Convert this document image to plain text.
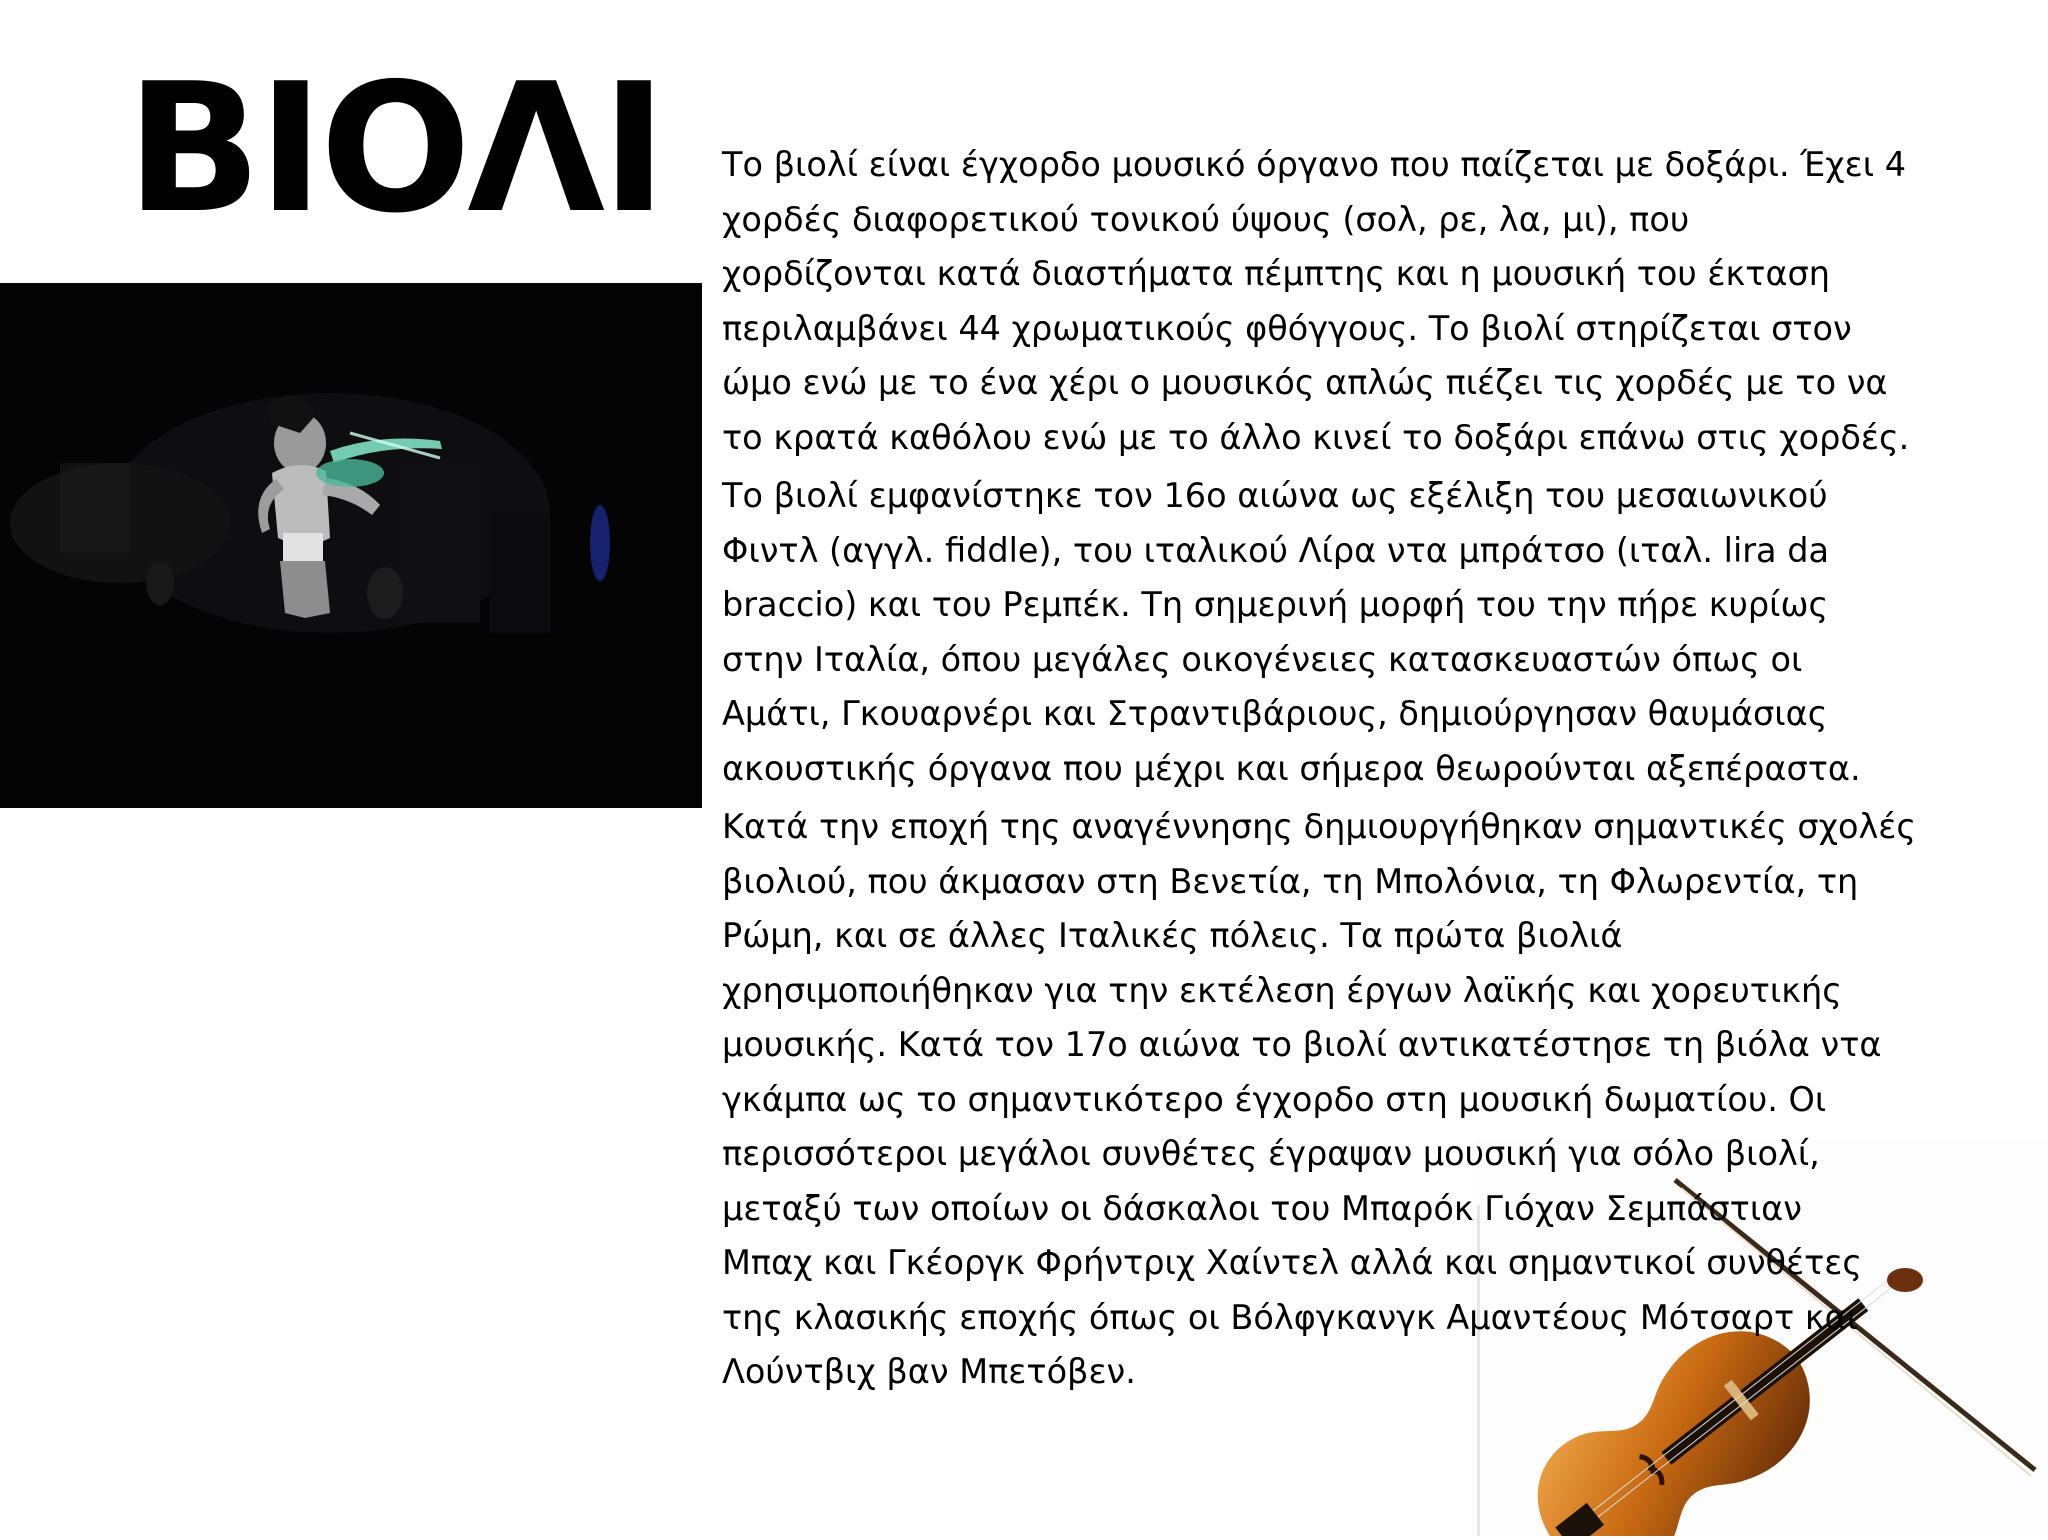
ΒΙΟΛΙ Το βιολί είναι έγχορδο μουσικό όργανο που παίζεται με δοξάρι. Έχει 4
χορδές διαφορετικού τονικού ύψους (σολ, ρε, λα, μι), που
χορδίζονται κατά διαστήματα πέμπτης και η μουσική του έκταση
περιλαμβάνει 44 χρωματικούς φθόγγους. Το βιολί στηρίζεται στον
ώμο ενώ με το ένα χέρι ο μουσικός απλώς πιέζει τις χορδές με το να
το κρατά καθόλου ενώ με το άλλο κινεί το δοξάρι επάνω στις χορδές.
Το βιολί εμφανίστηκε τον 16ο αιώνα ως εξέλιξη του μεσαιωνικού
Φιντλ (αγγλ. fiddle), του ιταλικού Λίρα ντα μπράτσο (ιταλ. lira da
braccio) και του Ρεμπέκ. Τη σημερινή μορφή του την πήρε κυρίως
στην Ιταλία, όπου μεγάλες οικογένειες κατασκευαστών όπως οι
Αμάτι, Γκουαρνέρι και Στραντιβάριους, δημιούργησαν θαυμάσιας
ακουστικής όργανα που μέχρι και σήμερα θεωρούνται αξεπέραστα.
Κατά την εποχή της αναγέννησης δημιουργήθηκαν σημαντικές σχολές
βιολιού, που άκμασαν στη Βενετία, τη Μπολόνια, τη Φλωρεντία, τη
Ρώμη, και σε άλλες Ιταλικές πόλεις. Τα πρώτα βιολιά
χρησιμοποιήθηκαν για την εκτέλεση έργων λαϊκής και χορευτικής
μουσικής. Κατά τον 17ο αιώνα το βιολί αντικατέστησε τη βιόλα ντα
γκάμπα ως το σημαντικότερο έγχορδο στη μουσική δωματίου. Οι
περισσότεροι μεγάλοι συνθέτες έγραψαν μουσική για σόλο βιολί,
μεταξύ των οποίων οι δάσκαλοι του Μπαρόκ Γιόχαν Σεμπάστιαν
Μπαχ και Γκέοργκ Φρήντριχ Χαίντελ αλλά και σημαντικοί συνθέτες
της κλασικής εποχής όπως οι Βόλφγκανγκ Αμαντέους Μότσαρτ και
Λούντβιχ βαν Μπετόβεν.
